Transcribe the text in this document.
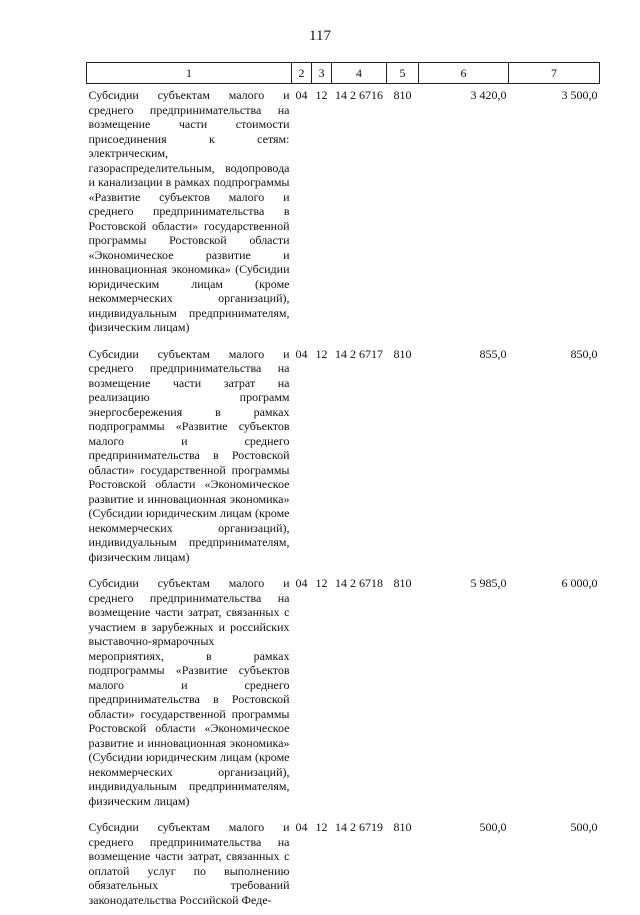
117
1	2	3	4	5	6	7
Субсидии субъектам малого и среднего предпринимательства на возмещение части стоимости присоединения к сетям: электрическим, газораспределительным, водопровода и канализации в рамках подпрограммы «Развитие субъектов малого и среднего предпринимательства в Ростовской области» государственной программы Ростовской области «Экономическое развитие и инновационная экономика» (Субсидии юридическим лицам (кроме некоммерческих организаций), индивидуальным предпринимателям, физическим лицам)	04	12	14 2 6716	810	3 420,0	3 500,0
Субсидии субъектам малого и среднего предпринимательства на возмещение части затрат на реализацию программ энергосбережения в рамках подпрограммы «Развитие субъектов малого и среднего предпринимательства в Ростовской области» государственной программы Ростовской области «Экономическое развитие и инновационная экономика» (Субсидии юридическим лицам (кроме некоммерческих организаций), индивидуальным предпринимателям, физическим лицам)	04	12	14 2 6717	810	855,0	850,0
Субсидии субъектам малого и среднего предпринимательства на возмещение части затрат, связанных с участием в зарубежных и российских выставочно-ярмарочных мероприятиях, в рамках подпрограммы «Развитие субъектов малого и среднего предпринимательства в Ростовской области» государственной программы Ростовской области «Экономическое развитие и инновационная экономика» (Субсидии юридическим лицам (кроме некоммерческих организаций), индивидуальным предпринимателям, физическим лицам)	04	12	14 2 6718	810	5 985,0	6 000,0
Субсидии субъектам малого и среднего предпринимательства на возмещение части затрат, связанных с оплатой услуг по выполнению обязательных требований законодательства Российской Феде-	04	12	14 2 6719	810	500,0	500,0
